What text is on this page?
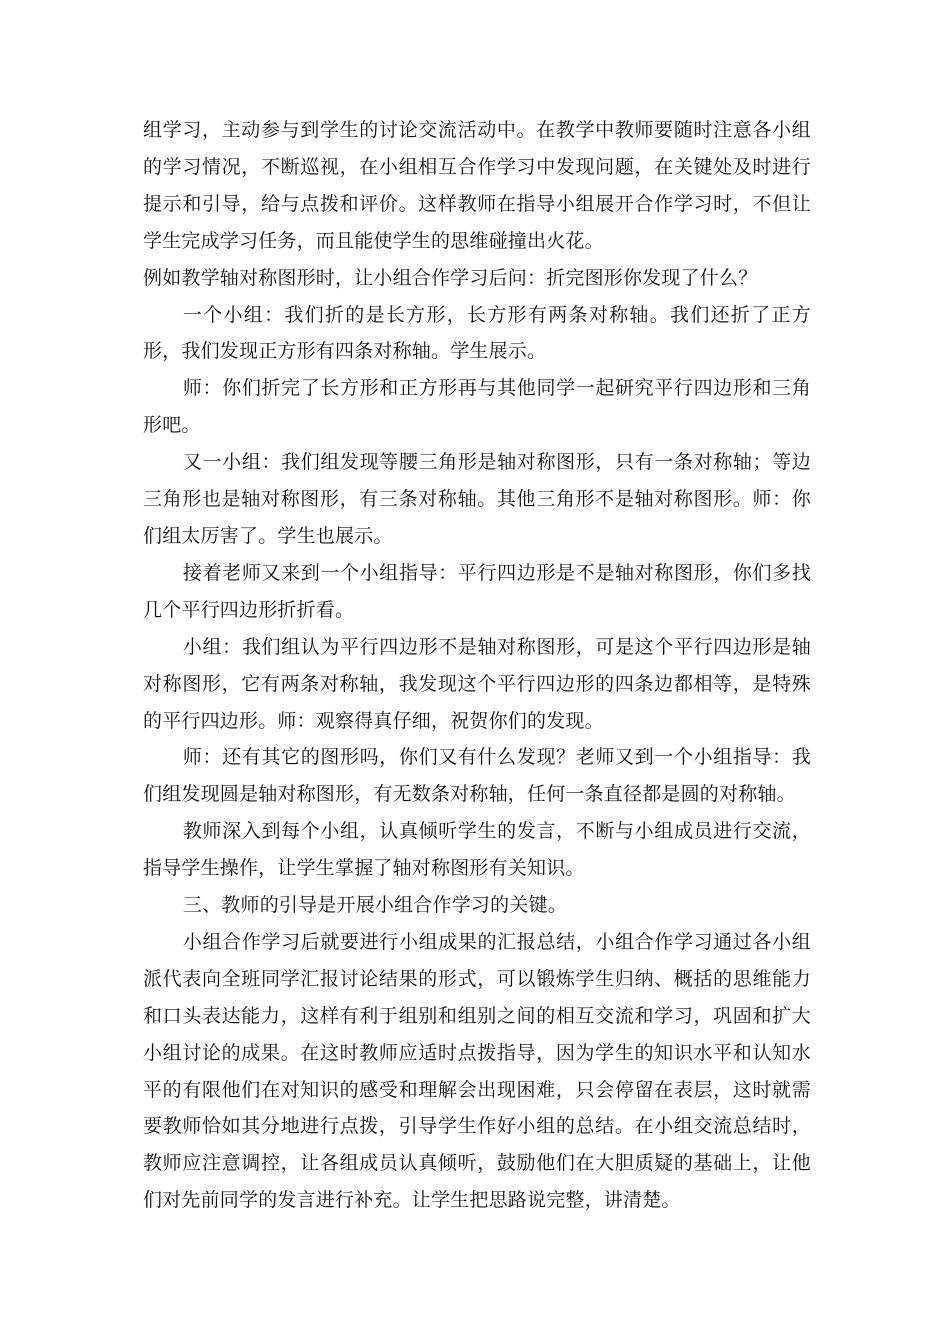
组学习，主动参与到学生的讨论交流活动中。在教学中教师要随时注意各小组的学习情况，不断巡视，在小组相互合作学习中发现问题，在关键处及时进行提示和引导，给与点拨和评价。这样教师在指导小组展开合作学习时，不但让学生完成学习任务，而且能使学生的思维碰撞出火花。

例如教学轴对称图形时，让小组合作学习后问：折完图形你发现了什么？

一个小组：我们折的是长方形，长方形有两条对称轴。我们还折了正方形，我们发现正方形有四条对称轴。学生展示。

师：你们折完了长方形和正方形再与其他同学一起研究平行四边形和三角形吧。

又一小组：我们组发现等腰三角形是轴对称图形，只有一条对称轴；等边三角形也是轴对称图形，有三条对称轴。其他三角形不是轴对称图形。师：你们组太厉害了。学生也展示。

接着老师又来到一个小组指导：平行四边形是不是轴对称图形，你们多找几个平行四边形折折看。

小组：我们组认为平行四边形不是轴对称图形，可是这个平行四边形是轴对称图形，它有两条对称轴，我发现这个平行四边形的四条边都相等，是特殊的平行四边形。师：观察得真仔细，祝贺你们的发现。

师：还有其它的图形吗，你们又有什么发现？老师又到一个小组指导：我们组发现圆是轴对称图形，有无数条对称轴，任何一条直径都是圆的对称轴。

教师深入到每个小组，认真倾听学生的发言，不断与小组成员进行交流，指导学生操作，让学生掌握了轴对称图形有关知识。

三、教师的引导是开展小组合作学习的关键。

小组合作学习后就要进行小组成果的汇报总结，小组合作学习通过各小组派代表向全班同学汇报讨论结果的形式，可以锻炼学生归纳、概括的思维能力和口头表达能力，这样有利于组别和组别之间的相互交流和学习，巩固和扩大小组讨论的成果。在这时教师应适时点拨指导，因为学生的知识水平和认知水平的有限他们在对知识的感受和理解会出现困难，只会停留在表层，这时就需要教师恰如其分地进行点拨，引导学生作好小组的总结。在小组交流总结时，教师应注意调控，让各组成员认真倾听，鼓励他们在大胆质疑的基础上，让他们对先前同学的发言进行补充。让学生把思路说完整，讲清楚。
